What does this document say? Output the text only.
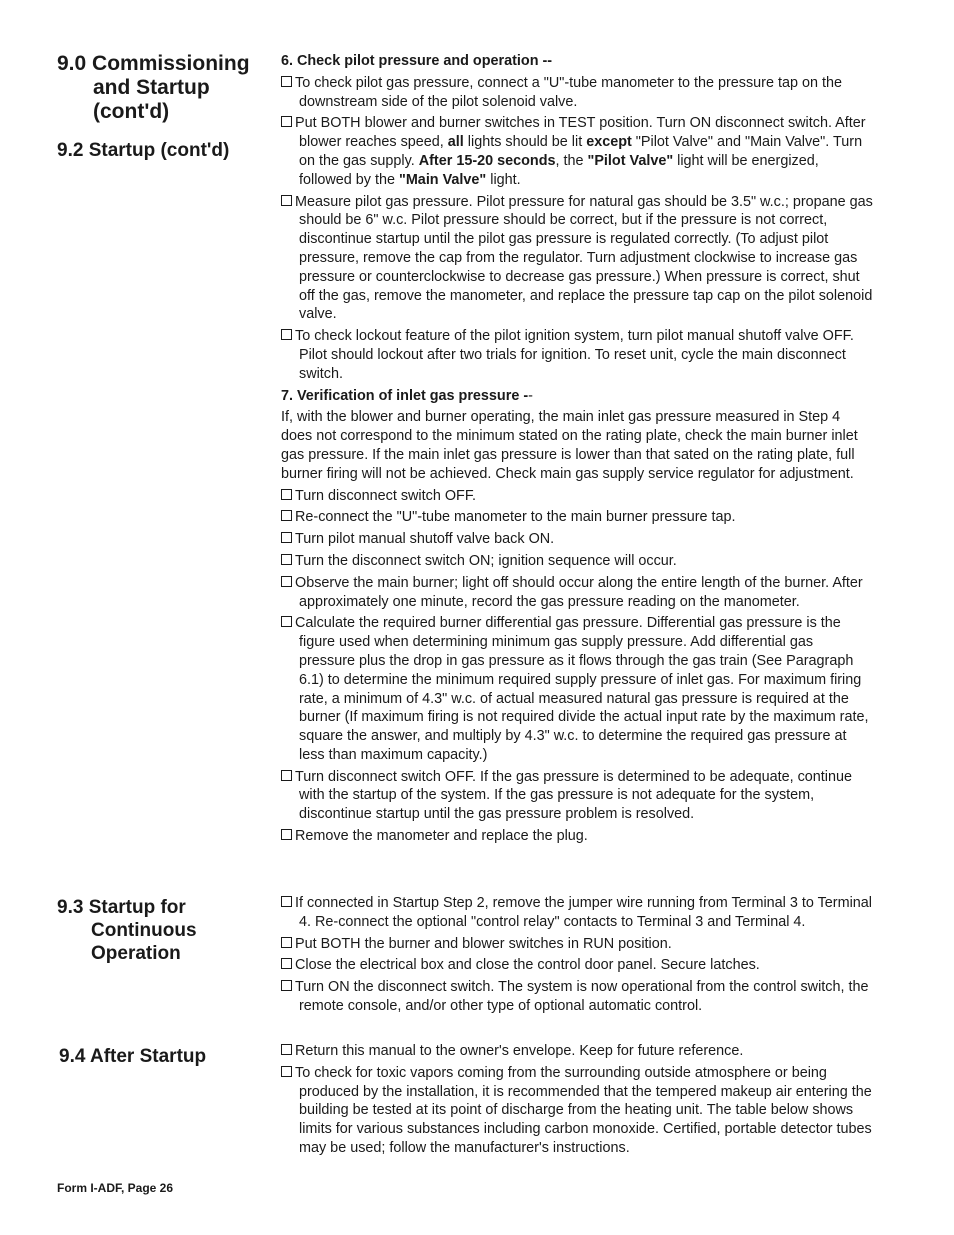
9.0 Commissioning
and Startup
(cont'd)
9.2 Startup (cont'd)
9.3 Startup for
Continuous
Operation
9.4 After Startup

6. Check pilot pressure and operation --

To check pilot gas pressure, connect a "U"-tube manometer to the pressure tap on the downstream side of the pilot solenoid valve.

Put BOTH blower and burner switches in TEST position. Turn ON disconnect switch. After blower reaches speed, all lights should be lit except "Pilot Valve" and "Main Valve". Turn on the gas supply. After 15-20 seconds, the "Pilot Valve" light will be energized, followed by the "Main Valve" light.

Measure pilot gas pressure. Pilot pressure for natural gas should be 3.5" w.c.; propane gas should be 6" w.c. Pilot pressure should be correct, but if the pressure is not correct, discontinue startup until the pilot gas pressure is regulated correctly. (To adjust pilot pressure, remove the cap from the regulator. Turn adjustment clockwise to increase gas pressure or counterclockwise to decrease gas pressure.) When pressure is correct, shut off the gas, remove the manometer, and replace the pressure tap cap on the pilot solenoid valve.

To check lockout feature of the pilot ignition system, turn pilot manual shutoff valve OFF. Pilot should lockout after two trials for ignition. To reset unit, cycle the main disconnect switch.

7. Verification of inlet gas pressure --

If, with the blower and burner operating, the main inlet gas pressure measured in Step 4 does not correspond to the minimum stated on the rating plate, check the main burner inlet gas pressure. If the main inlet gas pressure is lower than that sated on the rating plate, full burner firing will not be achieved. Check main gas supply service regulator for adjustment.

Turn disconnect switch OFF.

Re-connect the "U"-tube manometer to the main burner pressure tap.

Turn pilot manual shutoff valve back ON.

Turn the disconnect switch ON; ignition sequence will occur.

Observe the main burner; light off should occur along the entire length of the burner. After approximately one minute, record the gas pressure reading on the manometer.

Calculate the required burner differential gas pressure. Differential gas pressure is the figure used when determining minimum gas supply pressure. Add differential gas pressure plus the drop in gas pressure as it flows through the gas train (See Paragraph 6.1) to determine the minimum required supply pressure of inlet gas. For maximum firing rate, a minimum of 4.3" w.c. of actual measured natural gas pressure is required at the burner (If maximum firing is not required divide the actual input rate by the maximum rate, square the answer, and multiply by 4.3" w.c. to determine the required gas pressure at less than maximum capacity.)

Turn disconnect switch OFF. If the gas pressure is determined to be adequate, continue with the startup of the system. If the gas pressure is not adequate for the system, discontinue startup until the gas pressure problem is resolved.

Remove the manometer and replace the plug.

If connected in Startup Step 2, remove the jumper wire running from Terminal 3 to Terminal 4. Re-connect the optional "control relay" contacts to Terminal 3 and Terminal 4.

Put BOTH the burner and blower switches in RUN position.

Close the electrical box and close the control door panel. Secure latches.

Turn ON the disconnect switch. The system is now operational from the control switch, the remote console, and/or other type of optional automatic control.

Return this manual to the owner's envelope. Keep for future reference.

To check for toxic vapors coming from the surrounding outside atmosphere or being produced by the installation, it is recommended that the tempered makeup air entering the building be tested at its point of discharge from the heating unit. The table below shows limits for various substances including carbon monoxide. Certified, portable detector tubes may be used; follow the manufacturer's instructions.

Form I-ADF, Page 26
